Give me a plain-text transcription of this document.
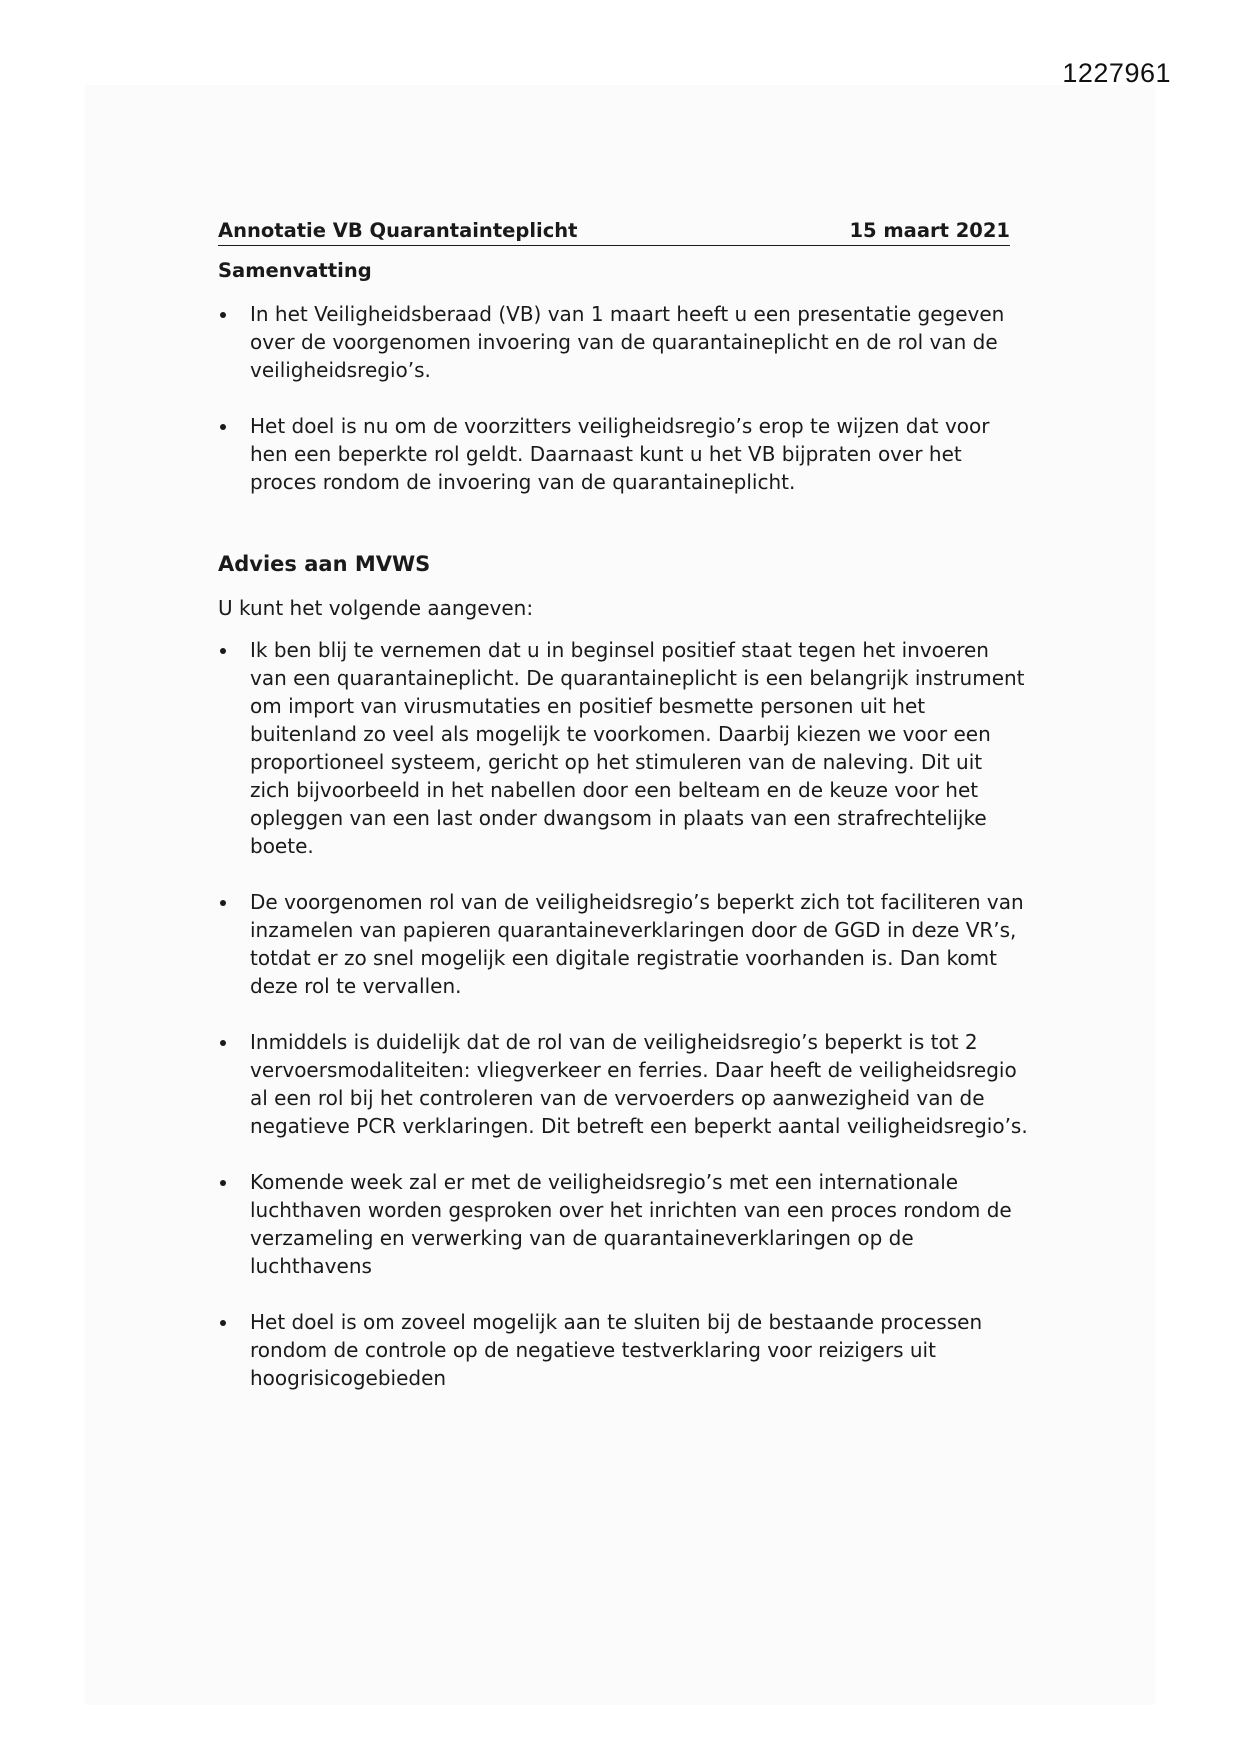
1227961
Annotatie VB Quarantainteplicht	15 maart 2021
Samenvatting
In het Veiligheidsberaad (VB) van 1 maart heeft u een presentatie gegeven over de voorgenomen invoering van de quarantaineplicht en de rol van de veiligheidsregio’s.
Het doel is nu om de voorzitters veiligheidsregio’s erop te wijzen dat voor hen een beperkte rol geldt. Daarnaast kunt u het VB bijpraten over het proces rondom de invoering van de quarantaineplicht.
Advies aan MVWS
U kunt het volgende aangeven:
Ik ben blij te vernemen dat u in beginsel positief staat tegen het invoeren van een quarantaineplicht. De quarantaineplicht is een belangrijk instrument om import van virusmutaties en positief besmette personen uit het buitenland zo veel als mogelijk te voorkomen. Daarbij kiezen we voor een proportioneel systeem, gericht op het stimuleren van de naleving. Dit uit zich bijvoorbeeld in het nabellen door een belteam en de keuze voor het opleggen van een last onder dwangsom in plaats van een strafrechtelijke boete.
De voorgenomen rol van de veiligheidsregio’s beperkt zich tot faciliteren van inzamelen van papieren quarantaineverklaringen door de GGD in deze VR’s, totdat er zo snel mogelijk een digitale registratie voorhanden is. Dan komt deze rol te vervallen.
Inmiddels is duidelijk dat de rol van de veiligheidsregio’s beperkt is tot 2 vervoersmodaliteiten: vliegverkeer en ferries. Daar heeft de veiligheidsregio al een rol bij het controleren van de vervoerders op aanwezigheid van de negatieve PCR verklaringen. Dit betreft een beperkt aantal veiligheidsregio’s.
Komende week zal er met de veiligheidsregio’s met een internationale luchthaven worden gesproken over het inrichten van een proces rondom de verzameling en verwerking van de quarantaineverklaringen op de luchthavens
Het doel is om zoveel mogelijk aan te sluiten bij de bestaande processen rondom de controle op de negatieve testverklaring voor reizigers uit hoogrisicogebieden
